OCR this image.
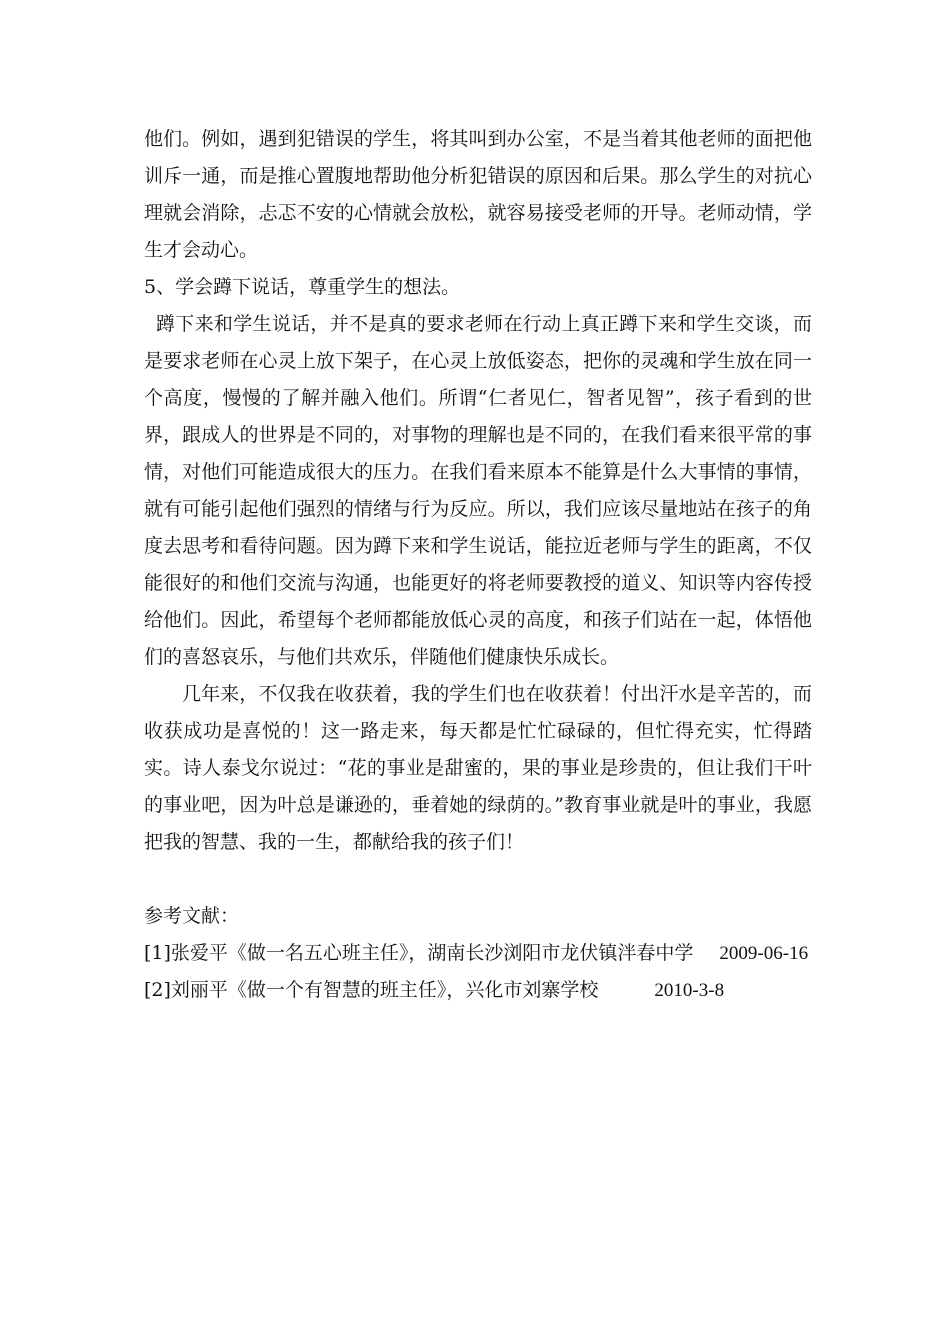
他们。例如，遇到犯错误的学生，将其叫到办公室，不是当着其他老师的面把他训斥一通，而是推心置腹地帮助他分析犯错误的原因和后果。那么学生的对抗心理就会消除，忐忑不安的心情就会放松，就容易接受老师的开导。老师动情，学生才会动心。

5、学会蹲下说话，尊重学生的想法。

蹲下来和学生说话，并不是真的要求老师在行动上真正蹲下来和学生交谈，而是要求老师在心灵上放下架子，在心灵上放低姿态，把你的灵魂和学生放在同一个高度，慢慢的了解并融入他们。所谓“仁者见仁，智者见智”，孩子看到的世界，跟成人的世界是不同的，对事物的理解也是不同的，在我们看来很平常的事情，对他们可能造成很大的压力。在我们看来原本不能算是什么大事情的事情，就有可能引起他们强烈的情绪与行为反应。所以，我们应该尽量地站在孩子的角度去思考和看待问题。因为蹲下来和学生说话，能拉近老师与学生的距离，不仅能很好的和他们交流与沟通，也能更好的将老师要教授的道义、知识等内容传授给他们。因此，希望每个老师都能放低心灵的高度，和孩子们站在一起，体悟他们的喜怒哀乐，与他们共欢乐，伴随他们健康快乐成长。

几年来，不仅我在收获着，我的学生们也在收获着！付出汗水是辛苦的，而收获成功是喜悦的！这一路走来，每天都是忙忙碌碌的，但忙得充实，忙得踏实。诗人泰戈尔说过：“花的事业是甜蜜的，果的事业是珍贵的，但让我们干叶的事业吧，因为叶总是谦逊的，垂着她的绿荫的。”教育事业就是叶的事业，我愿把我的智慧、我的一生，都献给我的孩子们！

参考文献：

[1]张爱平《做一名五心班主任》，湖南长沙浏阳市龙伏镇泮春中学 2009-06-16
[2]刘丽平《做一个有智慧的班主任》，兴化市刘寨学校	2010-3-8
